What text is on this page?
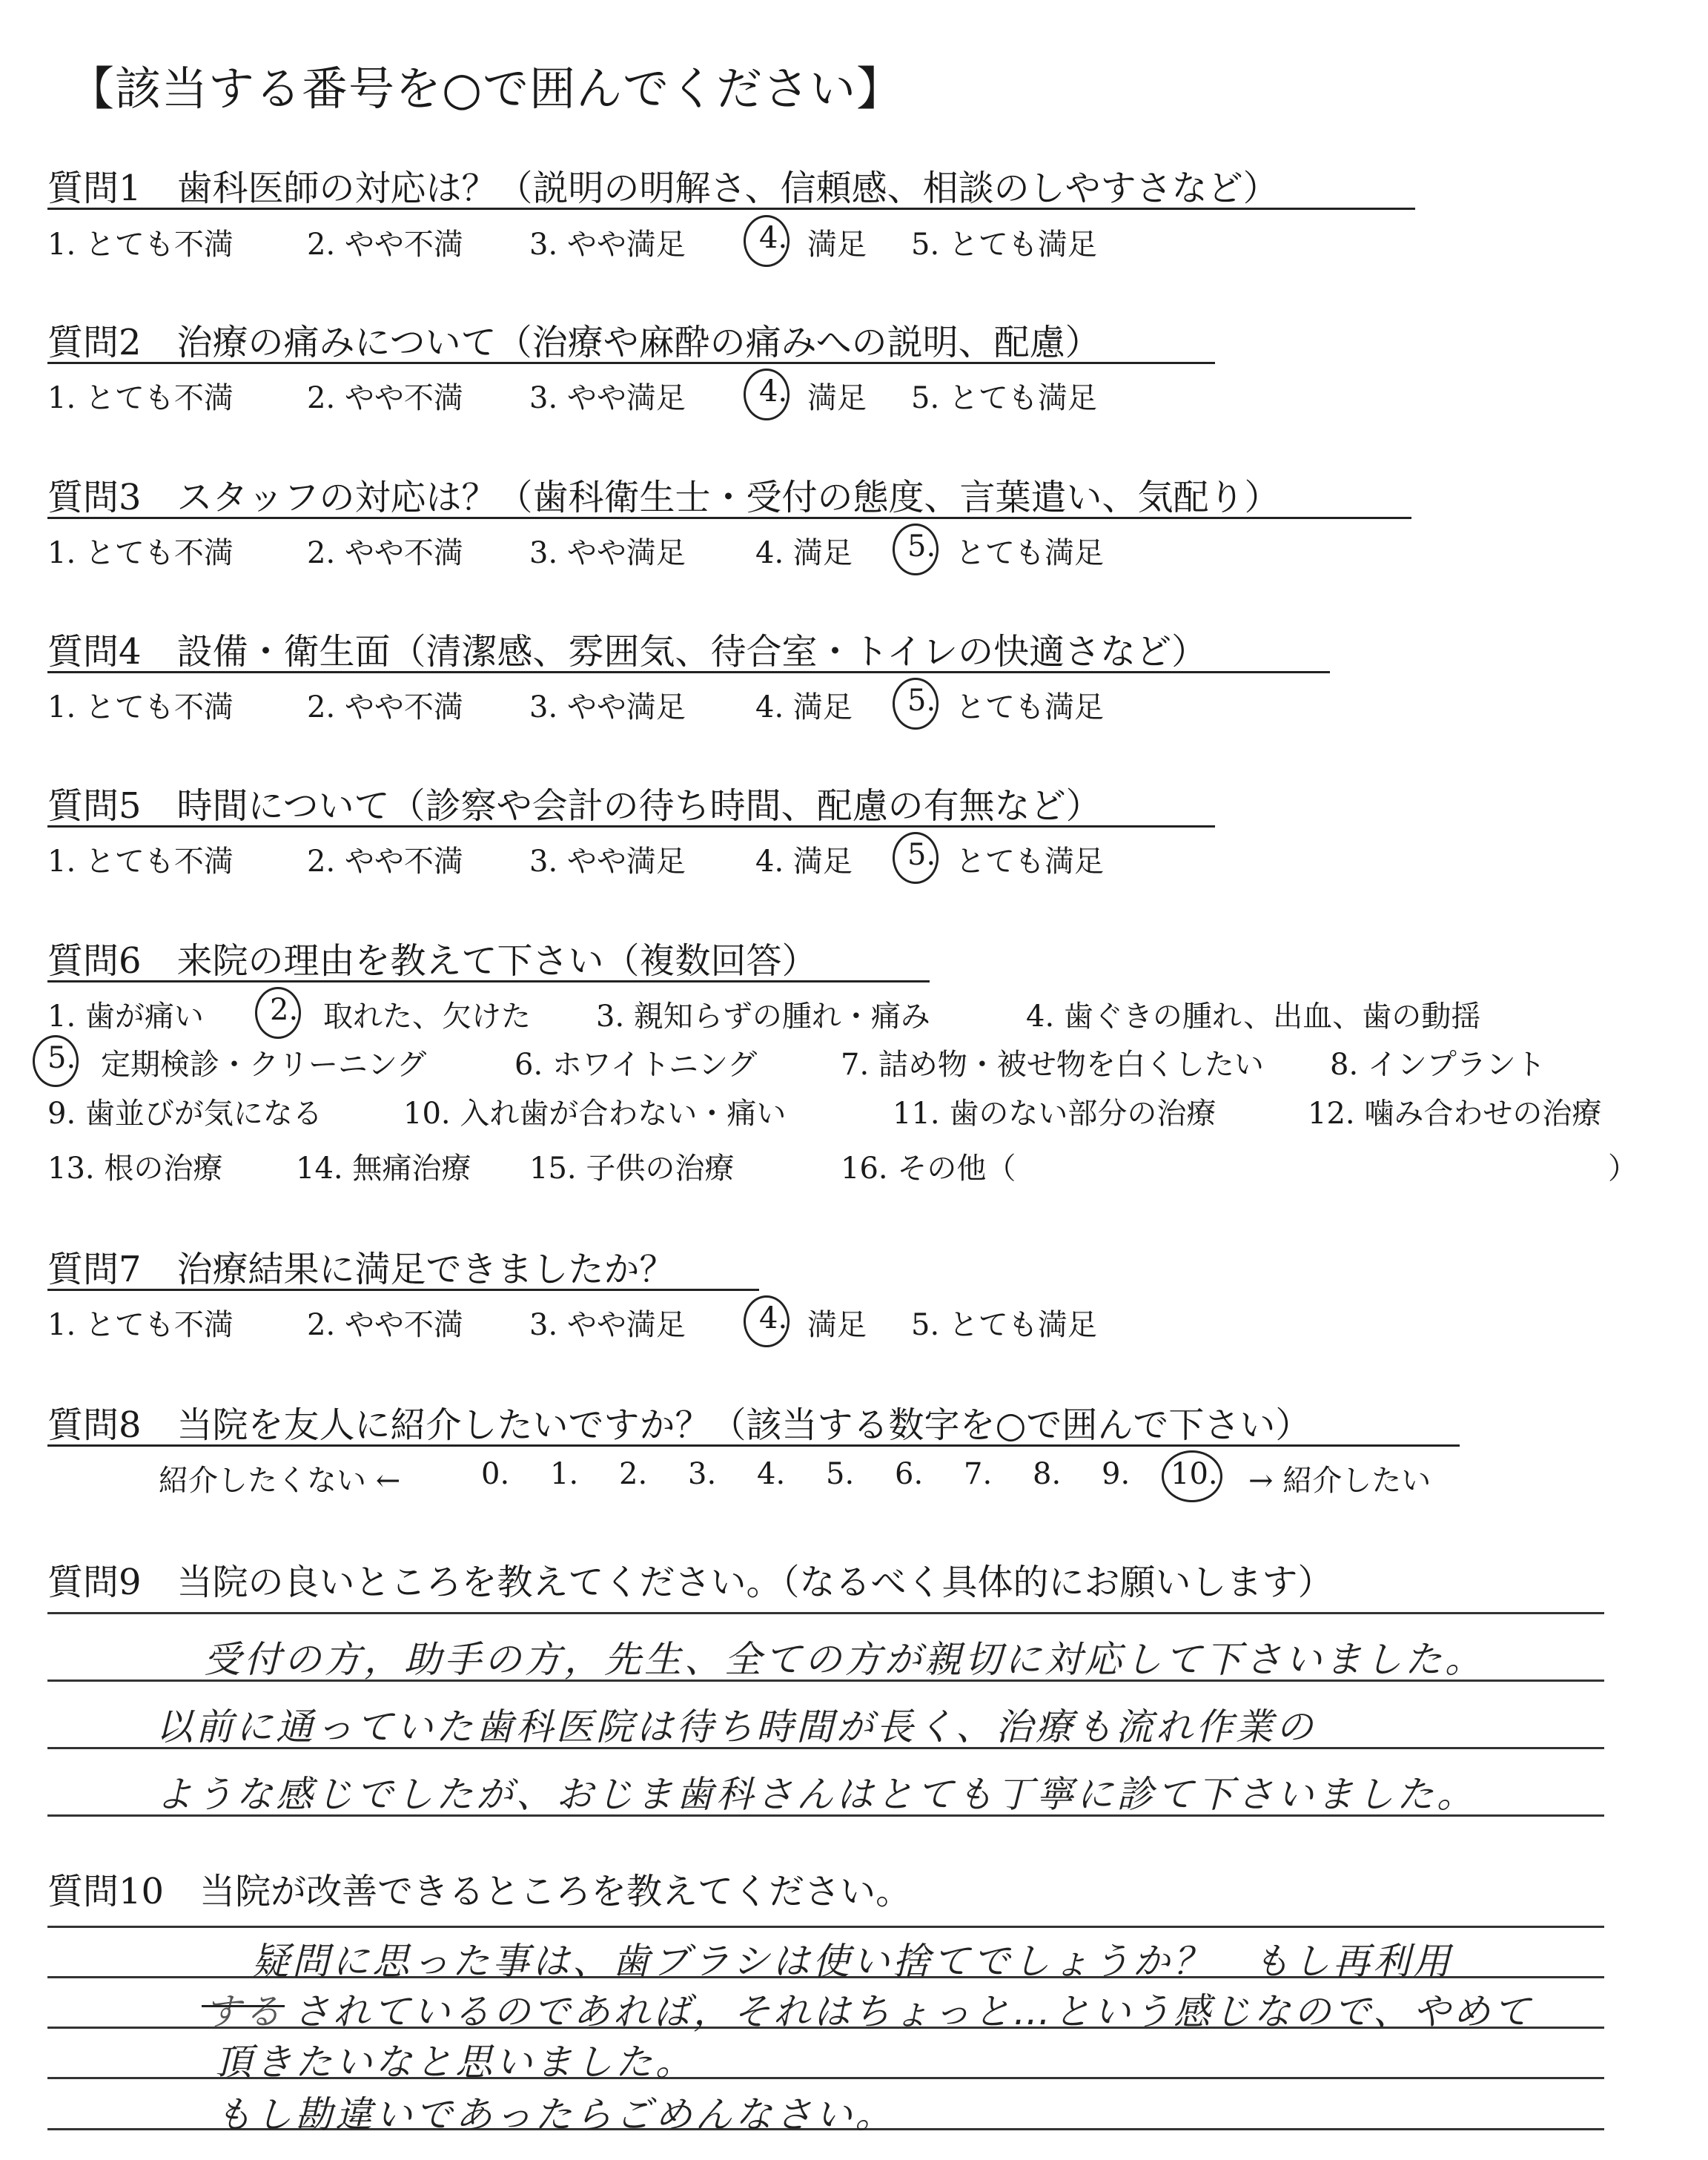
【該当する番号を○で囲んでください】
質問1　歯科医師の対応は？（説明の明解さ、信頼感、相談のしやすさなど）
1. とても不満 2. やや不満 3. やや満足 4. 満足 5. とても満足
質問2　治療の痛みについて（治療や麻酔の痛みへの説明、配慮）
1. とても不満 2. やや不満 3. やや満足 4. 満足 5. とても満足
質問3　スタッフの対応は？（歯科衛生士・受付の態度、言葉遣い、気配り）
1. とても不満 2. やや不満 3. やや満足 4. 満足 5. とても満足
質問4　設備・衛生面（清潔感、雰囲気、待合室・トイレの快適さなど）
1. とても不満 2. やや不満 3. やや満足 4. 満足 5. とても満足
質問5　時間について（診察や会計の待ち時間、配慮の有無など）
1. とても不満 2. やや不満 3. やや満足 4. 満足 5. とても満足
質問6　来院の理由を教えて下さい（複数回答）
1. 歯が痛い 2. 取れた、欠けた 3. 親知らずの腫れ・痛み	4. 歯ぐきの腫れ、出血、歯の動揺
5. 定期検診・クリーニング	6. ホワイトニング	7. 詰め物・被せ物を白くしたい 8. インプラント
9. 歯並びが気になる	10. 入れ歯が合わない・痛い	11. 歯のない部分の治療	12. 噛み合わせの治療
13. 根の治療 14. 無痛治療 15. 子供の治療	16. その他（	）
質問7　治療結果に満足できましたか？
1. とても不満 2. やや不満 3. やや満足 4. 満足 5. とても満足
質問8　当院を友人に紹介したいですか？（該当する数字を○で囲んで下さい）
紹介したくない ←	0. 1. 2. 3. 4. 5. 6. 7. 8. 9. 10. → 紹介したい
質問9　当院の良いところを教えてください。（なるべく具体的にお願いします）
受付の方，助手の方，先生、全ての方が親切に対応して下さいました。
以前に通っていた歯科医院は待ち時間が長く、治療も流れ作業の
ような感じでしたが、おじま歯科さんはとても丁寧に診て下さいました。
質問10　当院が改善できるところを教えてください。
疑問に思った事は、歯ブラシは使い捨てでしょうか？　もし再利用
する されているのであれば，それはちょっと…という感じなので、やめて
頂きたいなと思いました。
もし勘違いであったらごめんなさい。
